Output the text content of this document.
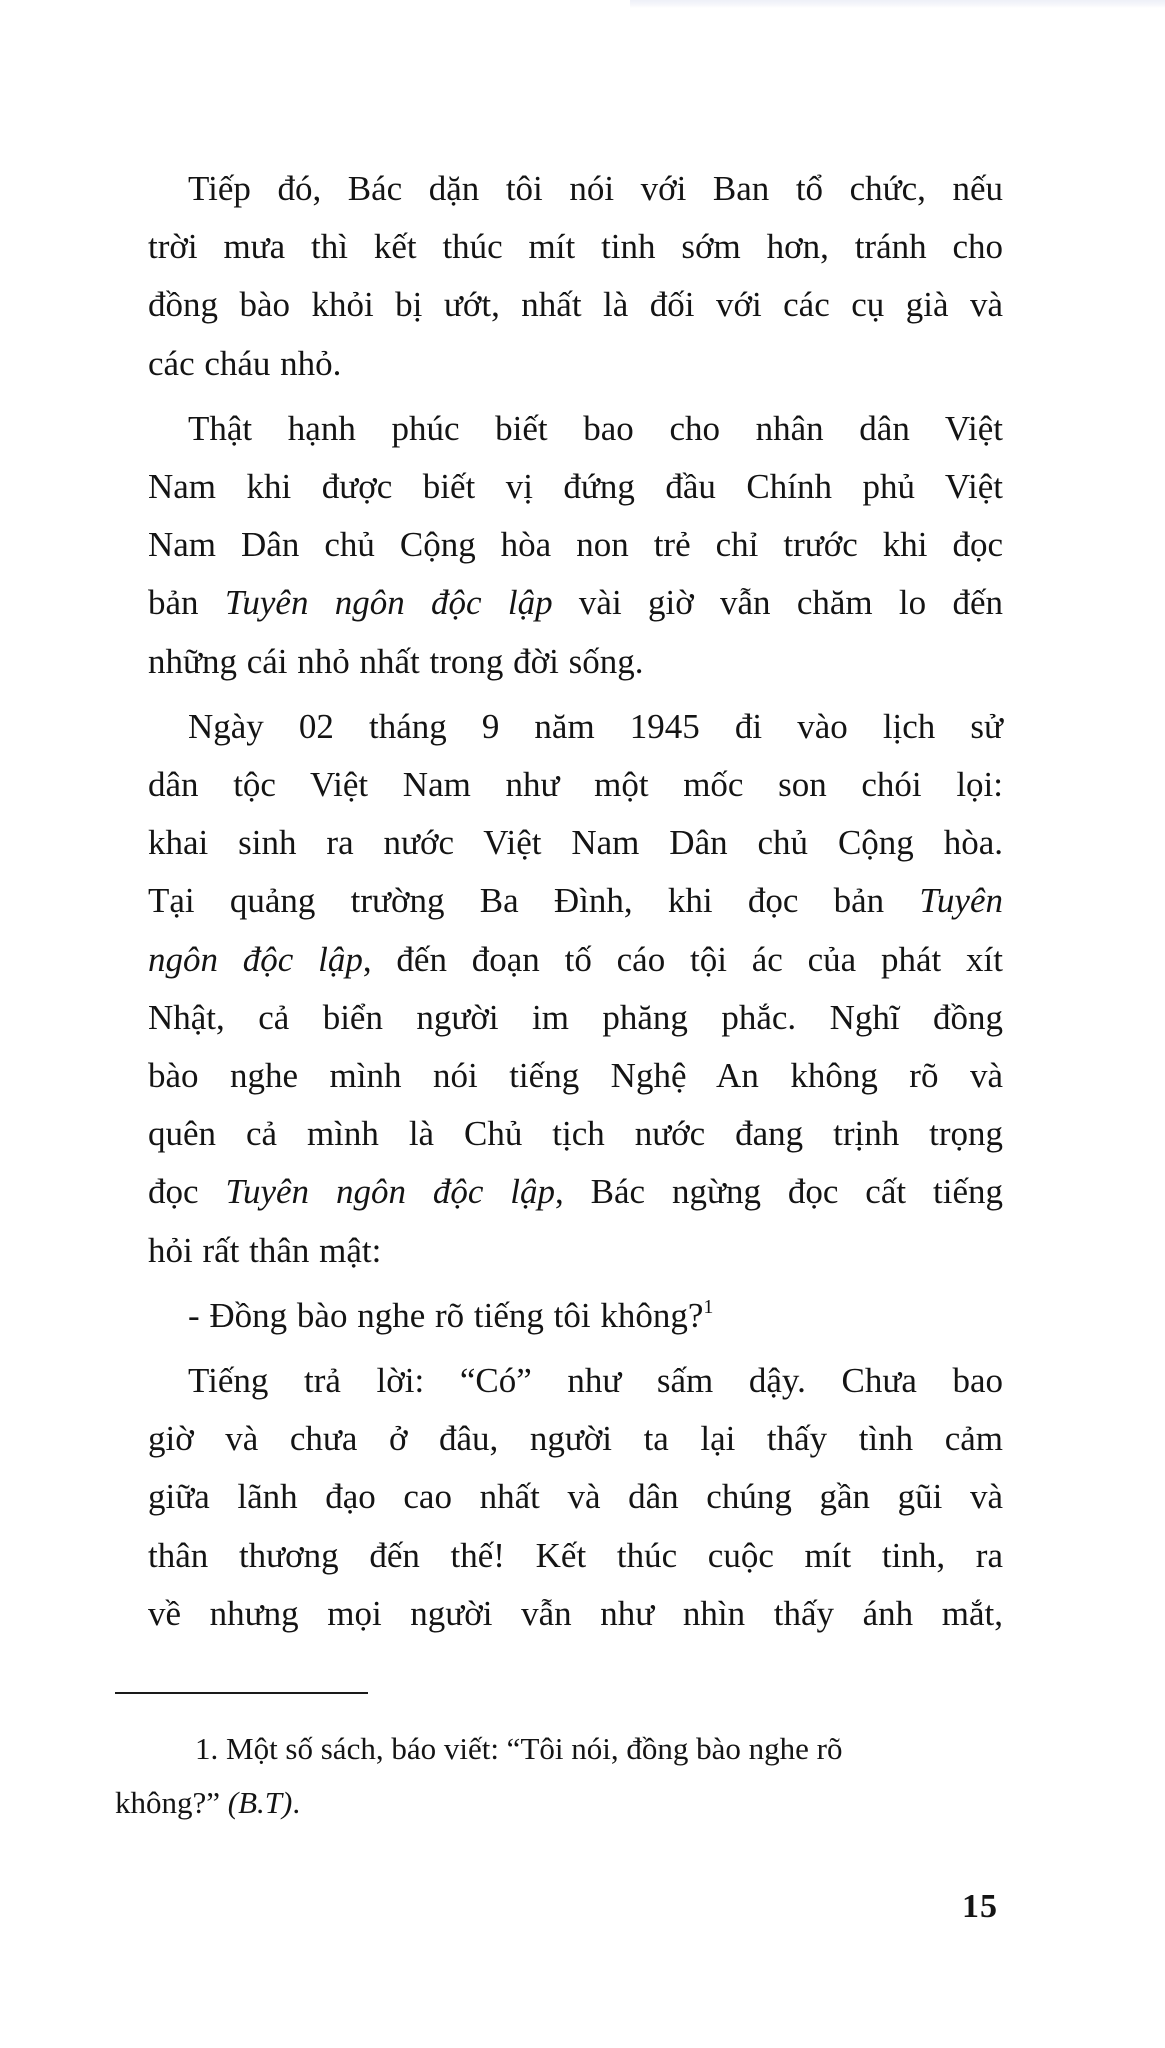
Tiếp đó, Bác dặn tôi nói với Ban tổ chức, nếu
trời mưa thì kết thúc mít tinh sớm hơn, tránh cho
đồng bào khỏi bị ướt, nhất là đối với các cụ già và
các cháu nhỏ.

Thật hạnh phúc biết bao cho nhân dân Việt
Nam khi được biết vị đứng đầu Chính phủ Việt
Nam Dân chủ Cộng hòa non trẻ chỉ trước khi đọc
bản Tuyên ngôn độc lập vài giờ vẫn chăm lo đến
những cái nhỏ nhất trong đời sống.

Ngày 02 tháng 9 năm 1945 đi vào lịch sử
dân tộc Việt Nam như một mốc son chói lọi:
khai sinh ra nước Việt Nam Dân chủ Cộng hòa.
Tại quảng trường Ba Đình, khi đọc bản Tuyên
ngôn độc lập, đến đoạn tố cáo tội ác của phát xít
Nhật, cả biển người im phăng phắc. Nghĩ đồng
bào nghe mình nói tiếng Nghệ An không rõ và
quên cả mình là Chủ tịch nước đang trịnh trọng
đọc Tuyên ngôn độc lập, Bác ngừng đọc cất tiếng
hỏi rất thân mật:

- Đồng bào nghe rõ tiếng tôi không?$^1$

Tiếng trả lời: “Có” như sấm dậy. Chưa bao
giờ và chưa ở đâu, người ta lại thấy tình cảm
giữa lãnh đạo cao nhất và dân chúng gần gũi và
thân thương đến thế! Kết thúc cuộc mít tinh, ra
về nhưng mọi người vẫn như nhìn thấy ánh mắt,

1. Một số sách, báo viết: “Tôi nói, đồng bào nghe rõ
không?” (B.T).
15
